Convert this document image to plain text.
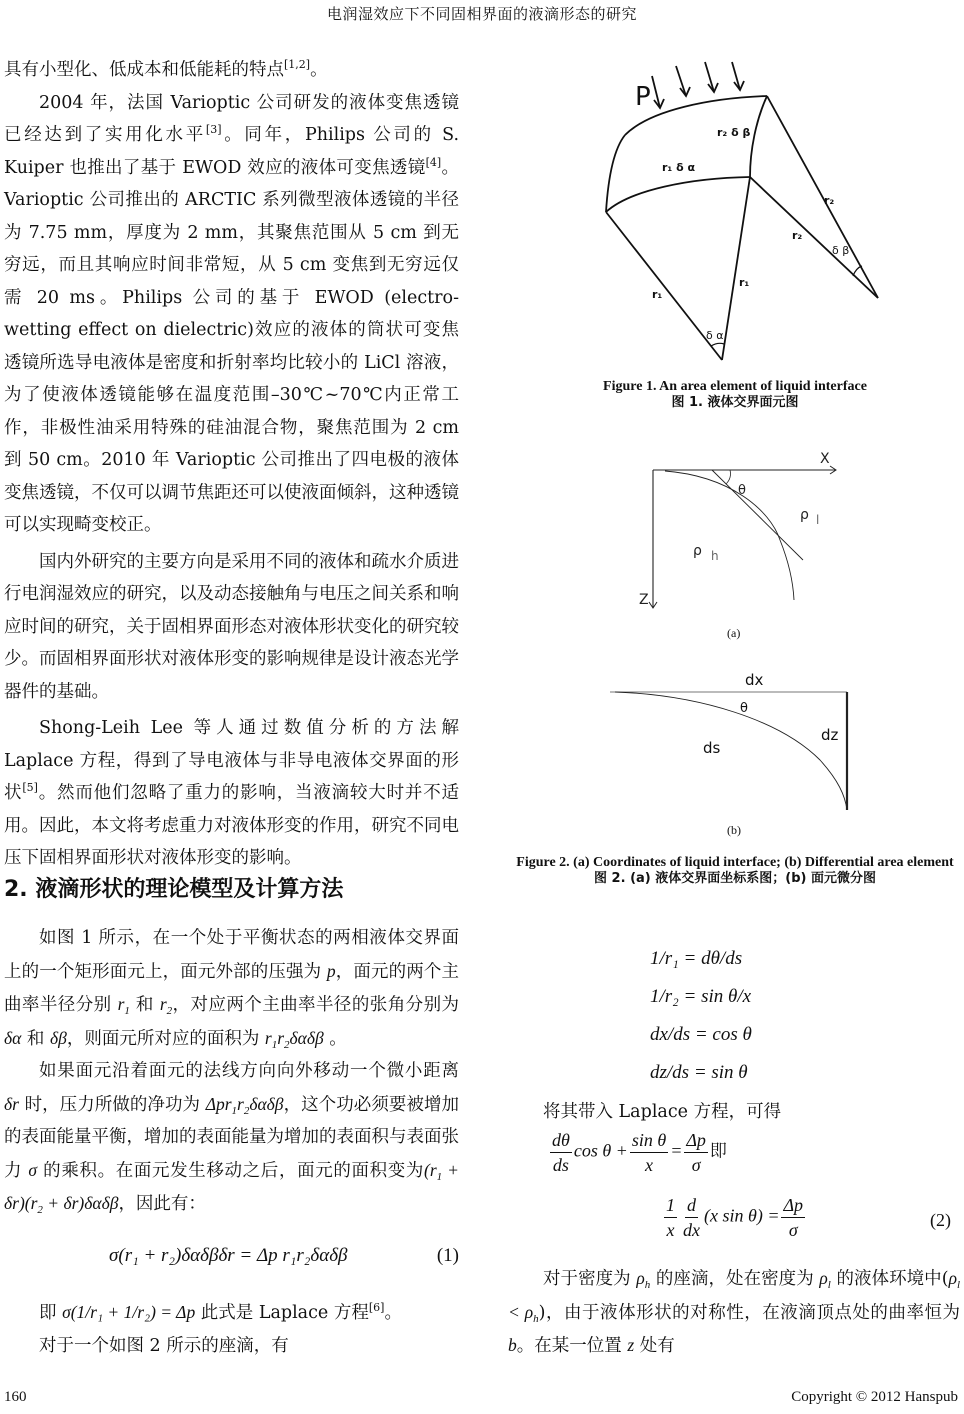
电润湿效应下不同固相界面的液滴形态的研究

具有小型化、低成本和低能耗的特点[1,2]。

2004 年，法国 Varioptic 公司研发的液体变焦透镜已经达到了实用化水平[3]。同年，Philips 公司的 S. Kuiper 也推出了基于 EWOD 效应的液体可变焦透镜[4]。Varioptic 公司推出的 ARCTIC 系列微型液体透镜的半径为 7.75 mm，厚度为 2 mm，其聚焦范围从 5 cm 到无穷远，而且其响应时间非常短，从 5 cm 变焦到无穷远仅需 20 ms。Philips 公司的基于 EWOD (electro-wetting effect on dielectric)效应的液体的筒状可变焦透镜所选导电液体是密度和折射率均比较小的 LiCl 溶液，为了使液体透镜能够在温度范围–30℃~70℃内正常工作，非极性油采用特殊的硅油混合物，聚焦范围为 2 cm 到 50 cm。2010 年 Varioptic 公司推出了四电极的液体变焦透镜，不仅可以调节焦距还可以使液面倾斜，这种透镜可以实现畸变校正。

国内外研究的主要方向是采用不同的液体和疏水介质进行电润湿效应的研究，以及动态接触角与电压之间关系和响应时间的研究，关于固相界面形态对液体形状变化的研究较少。而固相界面形状对液体形变的影响规律是设计液态光学器件的基础。

Shong-Leih Lee 等人通过数值分析的方法解 Laplace 方程，得到了导电液体与非导电液体交界面的形状[5]。然而他们忽略了重力的影响，当液滴较大时并不适用。因此，本文将考虑重力对液体形变的作用，研究不同电压下固相界面形状对液体形变的影响。

2. 液滴形状的理论模型及计算方法

如图 1 所示，在一个处于平衡状态的两相液体交界面上的一个矩形面元上，面元外部的压强为 p，面元的两个主曲率半径分别 $r_1$ 和 $r_2$，对应两个主曲率半径的张角分别为 δα 和 δβ，则面元所对应的面积为 $r_1r_2\delta\alpha\delta\beta$ 。

如果面元沿着面元的法线方向向外移动一个微小距离 δr 时，压力所做的净功为 $\Delta pr_1r_2\delta\alpha\delta\beta$，这个功必须要被增加的表面能量平衡，增加的表面能量为增加的表面积与表面张力 σ 的乘积。在面元发生移动之后，面元的面积变为$(r_1 + \delta r)(r_2 + \delta r)\delta\alpha\delta\beta$，因此有：

σ(r₁ + r₂)δαδβδr = Δp r₁r₂δαδβ	(1)

即 σ(1/r₁ + 1/r₂) = Δp 此式是 Laplace 方程[6]。

对于一个如图 2 所示的座滴，有

P
r₂ δ β
r₁ δ α
r₂
r₂
δ β
r₁
r₁
δ α
Figure 1. An area element of liquid interface
图 1. 液体交界面元图
X
Z
θ
ρ l
ρ h
(a)
dx
θ
dz
ds
(b)
Figure 2. (a) Coordinates of liquid interface; (b) Differential area element
图 2. (a) 液体交界面坐标系图；(b) 面元微分图
1/r₁ = dθ/ds
1/r₂ = sin θ/x
dx/ds = cos θ
dz/ds = sin θ

将其带入 Laplace 方程，可得

$\frac{d\theta}{ds}$ $\cos \theta + \frac{\text{sin θ}}{x} = \frac{\Delta p}{\sigma}$ 即
$\frac{1}{x} \frac{d}{dx} (x$ $\sin \theta) = \frac{\Delta p}{\sigma}$	(2)

对于密度为 $\rho_h$ 的座滴，处在密度为 $\rho_l$ 的液体环境中$(\rho_l < \rho_h)$，由于液体形状的对称性，在液滴顶点处的曲率恒为 b。在某一位置 z 处有

160	Copyright © 2012 Hanspub
